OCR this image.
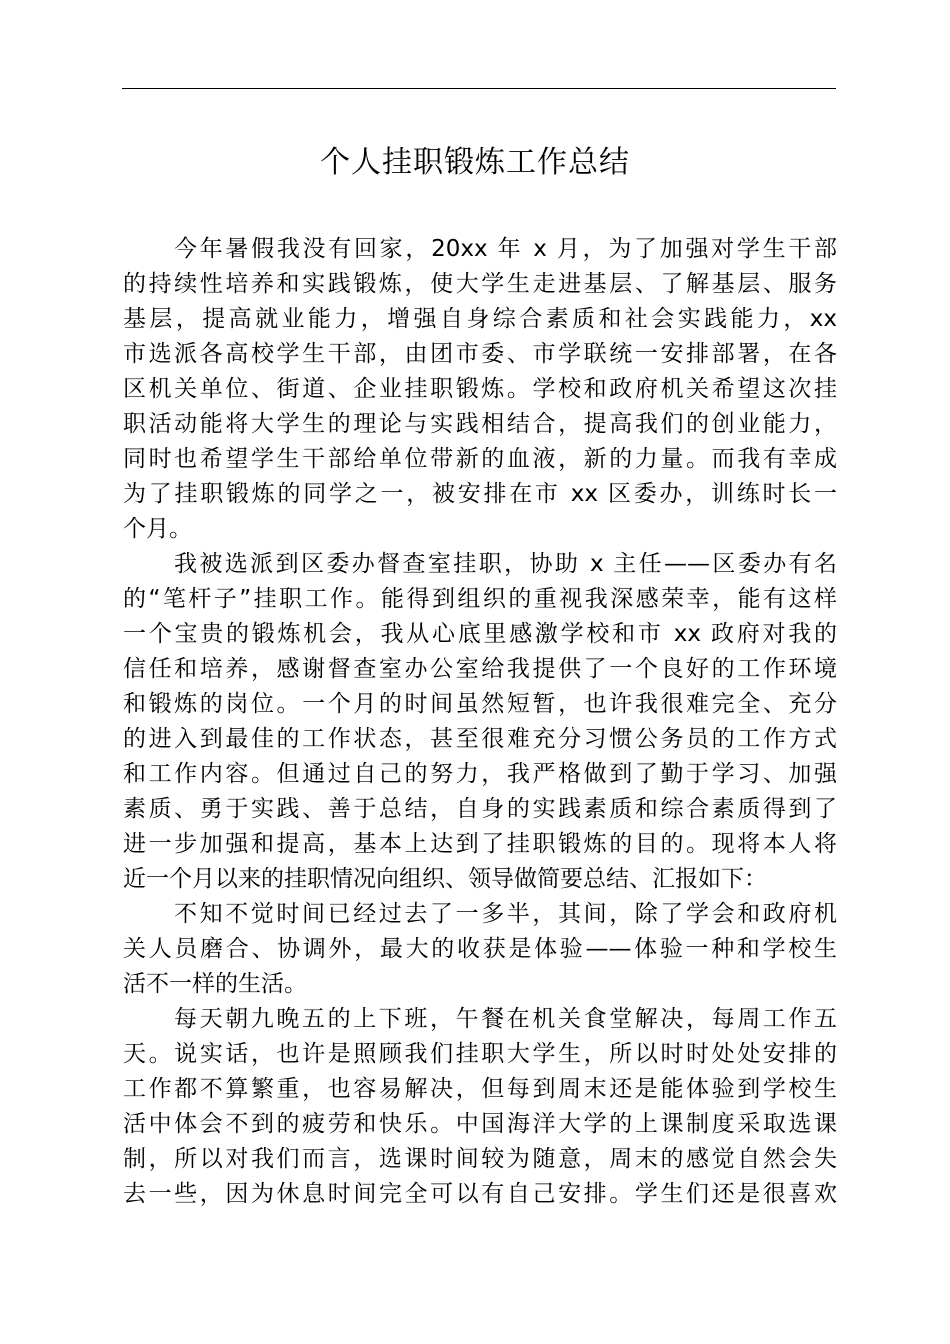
个人挂职锻炼工作总结
今年暑假我没有回家，20xx 年 x 月，为了加强对学生干部
的持续性培养和实践锻炼，使大学生走进基层、了解基层、服务
基层，提高就业能力，增强自身综合素质和社会实践能力，xx
市选派各高校学生干部，由团市委、市学联统一安排部署，在各
区机关单位、街道、企业挂职锻炼。学校和政府机关希望这次挂
职活动能将大学生的理论与实践相结合，提高我们的创业能力，
同时也希望学生干部给单位带新的血液，新的力量。而我有幸成
为了挂职锻炼的同学之一，被安排在市 xx 区委办，训练时长一
个月。
我被选派到区委办督查室挂职，协助 x 主任——区委办有名
的“笔杆子”挂职工作。能得到组织的重视我深感荣幸，能有这样
一个宝贵的锻炼机会，我从心底里感激学校和市 xx 政府对我的
信任和培养，感谢督查室办公室给我提供了一个良好的工作环境
和锻炼的岗位。一个月的时间虽然短暂，也许我很难完全、充分
的进入到最佳的工作状态，甚至很难充分习惯公务员的工作方式
和工作内容。但通过自己的努力，我严格做到了勤于学习、加强
素质、勇于实践、善于总结，自身的实践素质和综合素质得到了
进一步加强和提高，基本上达到了挂职锻炼的目的。现将本人将
近一个月以来的挂职情况向组织、领导做简要总结、汇报如下：
不知不觉时间已经过去了一多半，其间，除了学会和政府机
关人员磨合、协调外，最大的收获是体验——体验一种和学校生
活不一样的生活。
每天朝九晚五的上下班，午餐在机关食堂解决，每周工作五
天。说实话，也许是照顾我们挂职大学生，所以时时处处安排的
工作都不算繁重，也容易解决，但每到周末还是能体验到学校生
活中体会不到的疲劳和快乐。中国海洋大学的上课制度采取选课
制，所以对我们而言，选课时间较为随意，周末的感觉自然会失
去一些，因为休息时间完全可以有自己安排。学生们还是很喜欢
